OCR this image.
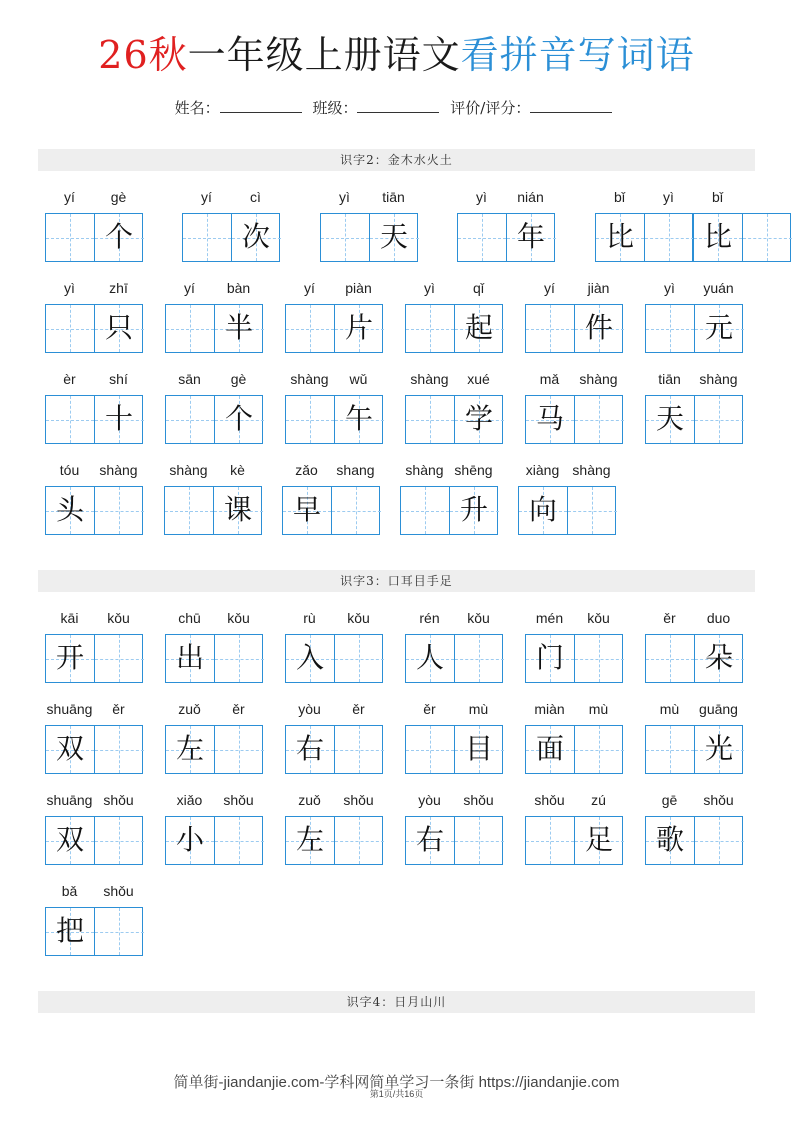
26秋一年级上册语文看拼音写词语
姓名：	班级：	评价/评分：
识字2：金木水火土
yí	gè
个
yí	cì
次
yì	tiān
天
yì	nián
年
bǐ	yì
比
bǐ
比
yì	zhī
只
yí	bàn
半
yí	piàn
片
yì	qǐ
起
yí	jiàn
件
yì	yuán
元
èr	shí
十
sān	gè
个
shàng	wǔ
午
shàng	xué
学
mǎ	shàng
马
tiān	shàng
天
tóu	shàng
头
shàng	kè
课
zǎo	shang
早
shàng shēng
升
xiàng shàng
向
识字3：口耳目手足
kāi	kǒu
开
chū	kǒu
出
rù	kǒu
入
rén	kǒu
人
mén	kǒu
门
ěr	duo
朵
shuāng	ěr
双
zuǒ	ěr
左
yòu	ěr
右
ěr	mù
目
miàn	mù
面
mù	guāng
光
shuāng shǒu
双
xiǎo	shǒu
小
zuǒ	shǒu
左
yòu	shǒu
右
shǒu	zú
足
gē	shǒu
歌
bǎ	shǒu
把
识字4：日月山川
简单街-jiandanjie.com-学科网简单学习一条街 https://jiandanjie.com
第1页/共16页
